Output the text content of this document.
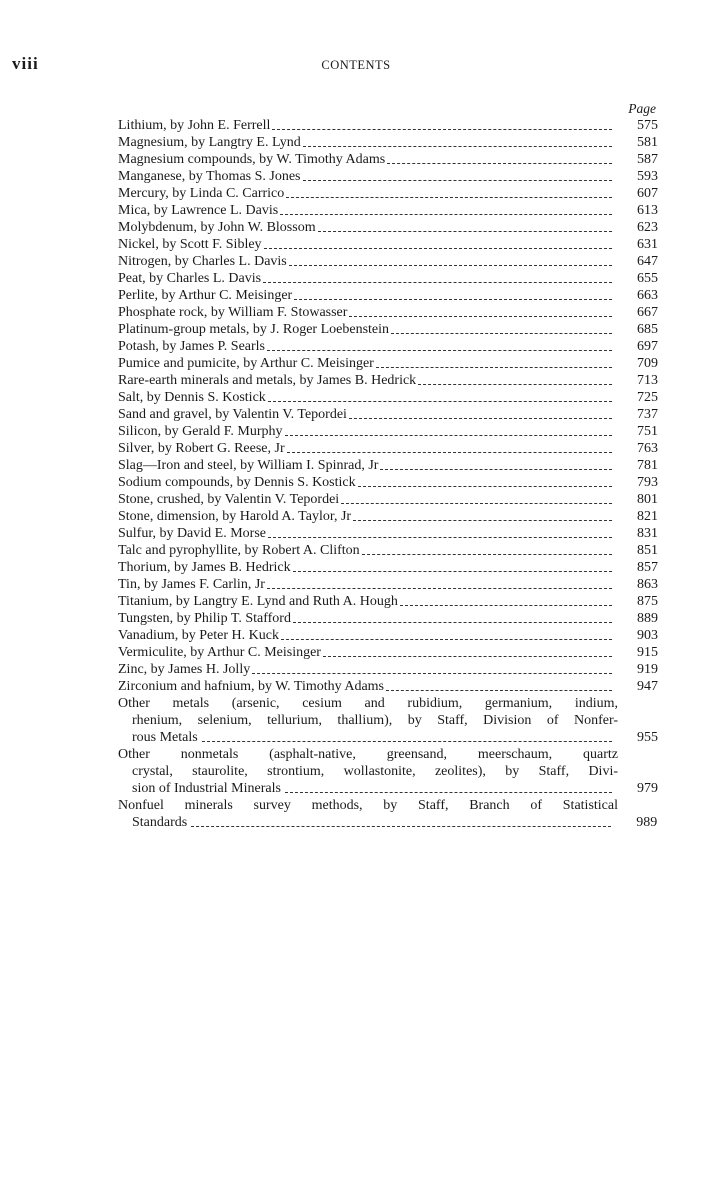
viii	CONTENTS
Page
Lithium, by John E. Ferrell	575
Magnesium, by Langtry E. Lynd	581
Magnesium compounds, by W. Timothy Adams	587
Manganese, by Thomas S. Jones	593
Mercury, by Linda C. Carrico	607
Mica, by Lawrence L. Davis	613
Molybdenum, by John W. Blossom	623
Nickel, by Scott F. Sibley	631
Nitrogen, by Charles L. Davis	647
Peat, by Charles L. Davis	655
Perlite, by Arthur C. Meisinger	663
Phosphate rock, by William F. Stowasser	667
Platinum-group metals, by J. Roger Loebenstein	685
Potash, by James P. Searls	697
Pumice and pumicite, by Arthur C. Meisinger	709
Rare-earth minerals and metals, by James B. Hedrick	713
Salt, by Dennis S. Kostick	725
Sand and gravel, by Valentin V. Tepordei	737
Silicon, by Gerald F. Murphy	751
Silver, by Robert G. Reese, Jr	763
Slag—Iron and steel, by William I. Spinrad, Jr	781
Sodium compounds, by Dennis S. Kostick	793
Stone, crushed, by Valentin V. Tepordei	801
Stone, dimension, by Harold A. Taylor, Jr	821
Sulfur, by David E. Morse	831
Talc and pyrophyllite, by Robert A. Clifton	851
Thorium, by James B. Hedrick	857
Tin, by James F. Carlin, Jr	863
Titanium, by Langtry E. Lynd and Ruth A. Hough	875
Tungsten, by Philip T. Stafford	889
Vanadium, by Peter H. Kuck	903
Vermiculite, by Arthur C. Meisinger	915
Zinc, by James H. Jolly	919
Zirconium and hafnium, by W. Timothy Adams	947
Other metals (arsenic, cesium and rubidium, germanium, indium,
rhenium, selenium, tellurium, thallium), by Staff, Division of Nonfer-
rous Metals	955
Other nonmetals (asphalt-native, greensand, meerschaum, quartz
crystal, staurolite, strontium, wollastonite, zeolites), by Staff, Divi-
sion of Industrial Minerals	979
Nonfuel minerals survey methods, by Staff, Branch of Statistical
Standards	989
